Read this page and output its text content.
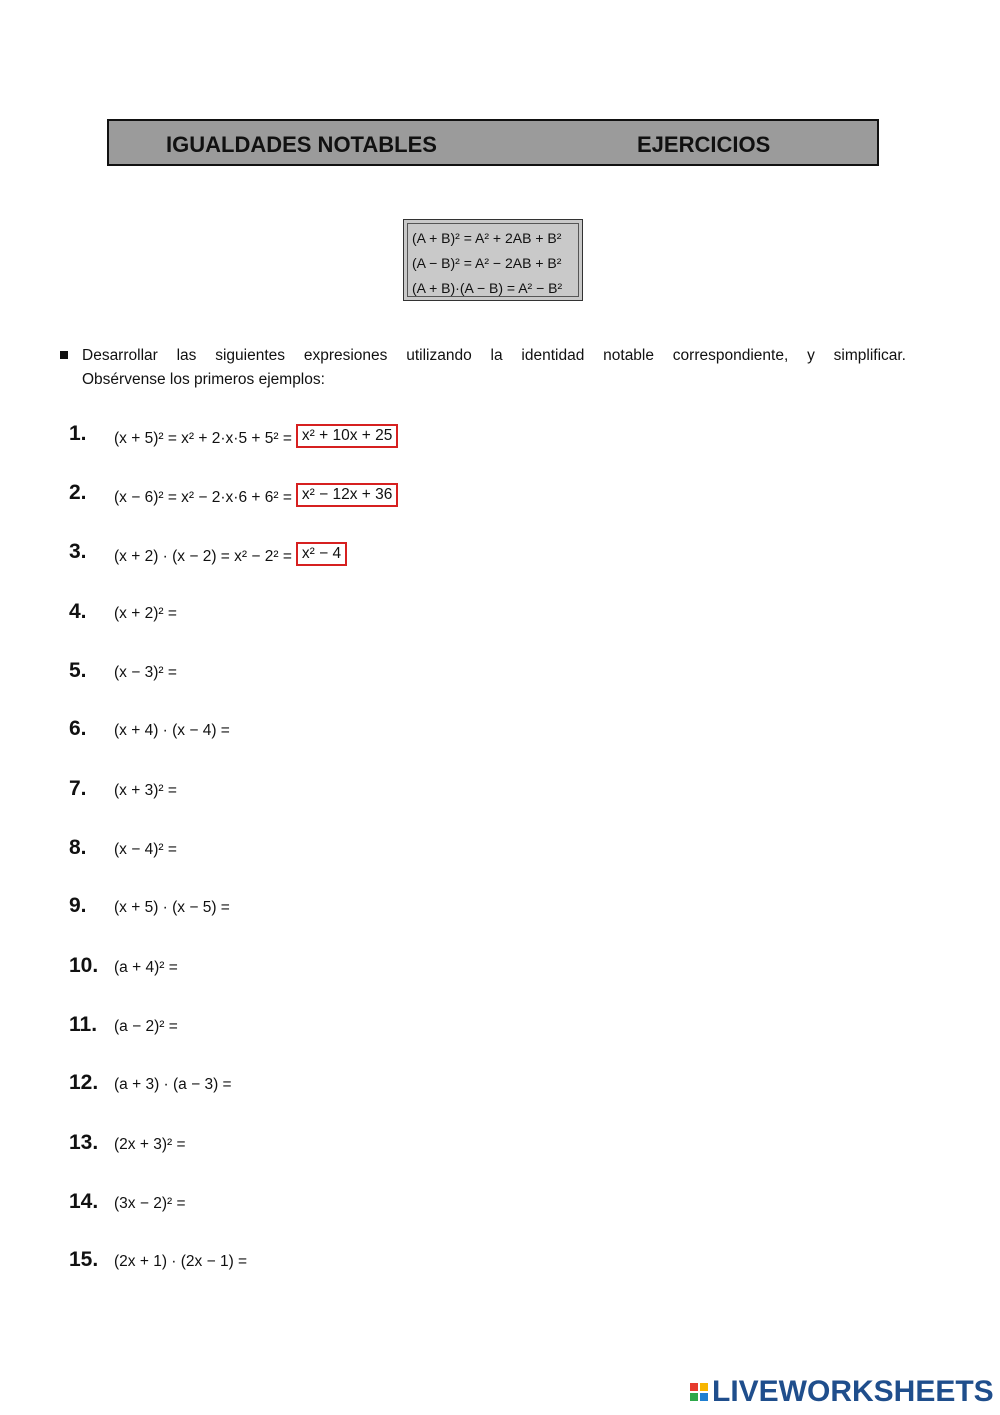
IGUALDADES NOTABLES	EJERCICIOS
(A + B)² = A² + 2AB + B²
(A − B)² = A² − 2AB + B²
(A + B)·(A − B) = A² − B²
Desarrollar las siguientes expresiones utilizando la identidad notable correspondiente, y simplificar.
Obsérvense los primeros ejemplos:
1. (x + 5)² = x² + 2·x·5 + 5² = x² + 10x + 25
2. (x − 6)² = x² − 2·x·6 + 6² = x² − 12x + 36
3. (x + 2) · (x − 2) = x² − 2² = x² − 4
4. (x + 2)² =
5. (x − 3)² =
6. (x + 4) · (x − 4) =
7. (x + 3)² =
8. (x − 4)² =
9. (x + 5) · (x − 5) =
10. (a + 4)² =
11. (a − 2)² =
12. (a + 3) · (a − 3) =
13. (2x + 3)² =
14. (3x − 2)² =
15. (2x + 1) · (2x − 1) =
LIVEWORKSHEETS
